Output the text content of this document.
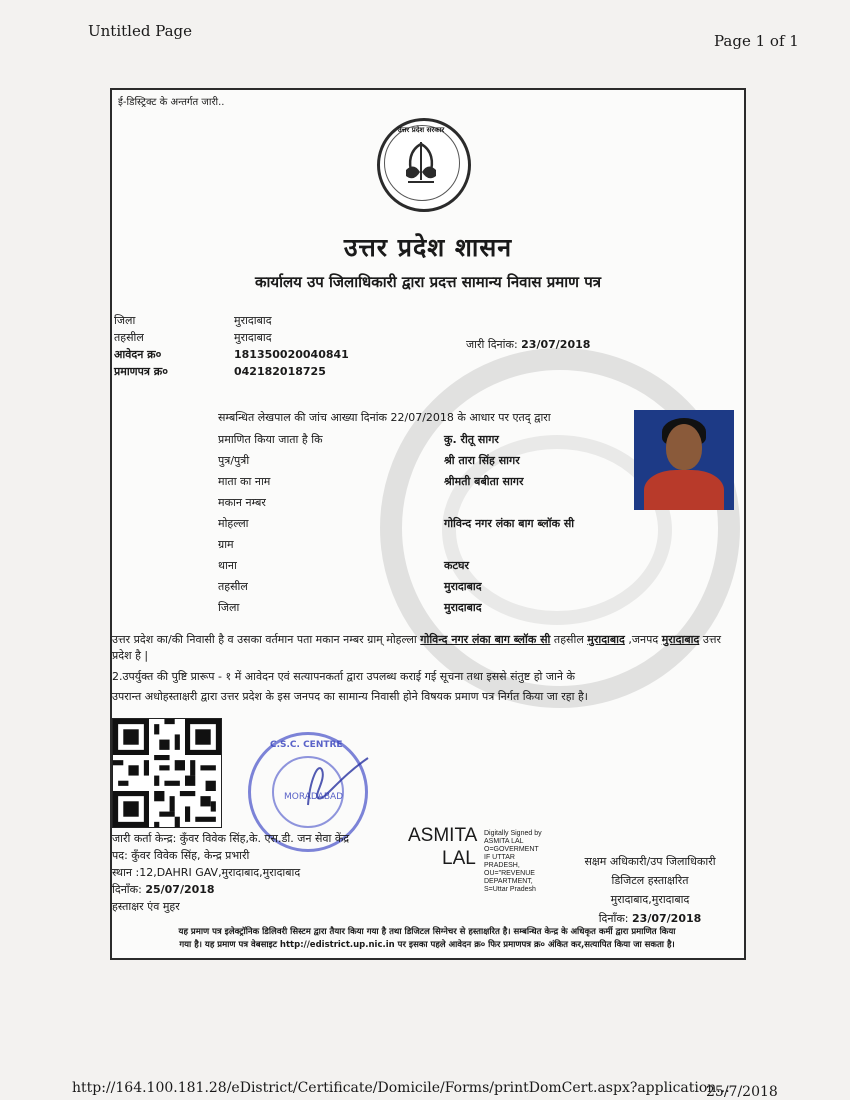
Untitled Page
Page 1 of 1
http://164.100.181.28/eDistrict/Certificate/Domicile/Forms/printDomCert.aspx?application...
25/7/2018
ई-डिस्ट्रिक्ट के अन्तर्गत जारी..
उत्तर प्रदेश सरकार
उत्तर प्रदेश शासन
कार्यालय उप जिलाधिकारी द्वारा प्रदत्त सामान्य निवास प्रमाण पत्र
जिला
तहसील
आवेदन क्र०
प्रमाणपत्र क्र०
मुरादाबाद
मुरादाबाद
181350020040841
042182018725
जारी दिनांक: 23/07/2018
सम्बन्धित लेखपाल की जांच आख्या दिनांक 22/07/2018 के आधार पर एतद् द्वारा
प्रमाणित किया जाता है कि
पुत्र/पुत्री
माता का नाम
मकान नम्बर
मोहल्ला
ग्राम
थाना
तहसील
जिला
कु. रीतू सागर
श्री तारा सिंह सागर
श्रीमती बबीता सागर
गोविन्द नगर लंका बाग ब्लॉक सी
कटघर
मुरादाबाद
मुरादाबाद
उत्तर प्रदेश का/की निवासी है व उसका वर्तमान पता मकान नम्बर ग्राम् मोहल्ला गोविन्द नगर लंका बाग ब्लॉक सी तहसील मुरादाबाद ,जनपद मुरादाबाद उत्तर प्रदेश है |
2.उपर्युक्त की पुष्टि प्रारूप - १ में आवेदन एवं सत्यापनकर्ता द्वारा उपलब्ध कराई गई सूचना तथा इससे संतुष्ट हो जाने के
उपरान्त अधोहस्ताक्षरी द्वारा उत्तर प्रदेश के इस जनपद का सामान्य निवासी होने विषयक प्रमाण पत्र निर्गत किया जा रहा है।
C.S.C. CENTRE
MORADABAD
जारी कर्ता केन्द्र: कुँवर विवेक सिंह,के. एस.डी. जन सेवा केंद्र
पद: कुँवर विवेक सिंह, केन्द्र प्रभारी
स्थान :12,DAHRI GAV,मुरादाबाद,मुरादाबाद
दिनाँक: 25/07/2018
हस्ताक्षर एंव मुहर
ASMITA
LAL
Digitally Signed by
ASMITA LAL
O=GOVERMENT
IF UTTAR
PRADESH,
OU="REVENUE
DEPARTMENT,
S=Uttar Pradesh
सक्षम अधिकारी/उप जिलाधिकारी
डिजिटल हस्ताक्षरित
मुरादाबाद,मुरादाबाद
दिनाँक: 23/07/2018
यह प्रमाण पत्र इलेक्ट्रॉनिक डिलिवरी सिस्टम द्वारा तैयार किया गया है तथा डिजिटल सिग्नेचर से हस्ताक्षरित है। सम्बन्धित केन्द्र के अधिकृत कर्मी द्वारा प्रमाणित किया
गया है। यह प्रमाण पत्र वेबसाइट http://edistrict.up.nic.in पर इसका पहले आवेदन क्र० फिर प्रमाणपत्र क्र० अंकित कर,सत्यापित किया जा सकता है।
